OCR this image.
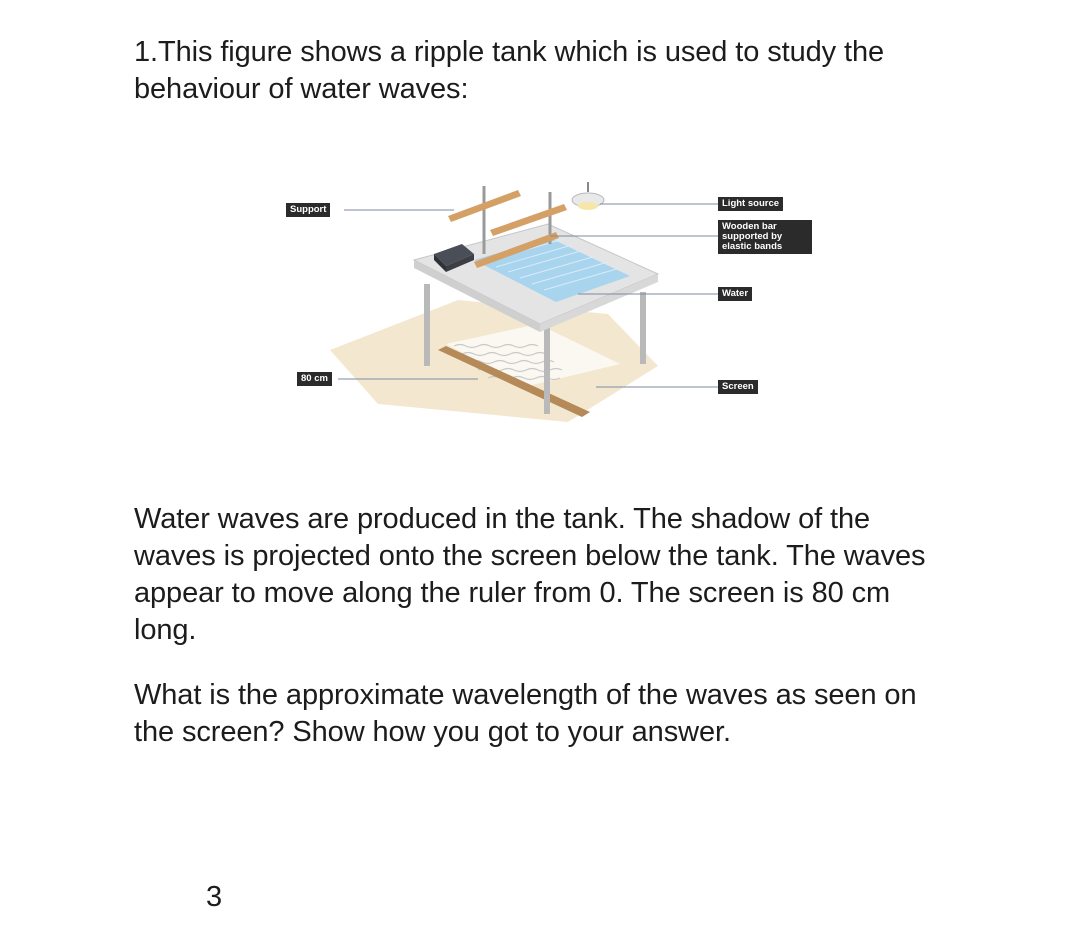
1.This figure shows a ripple tank which is used to study the behaviour of water waves:

Support
80 cm
Light source
Wooden bar
supported by
elastic bands
Water
Screen

Water waves are produced in the tank. The shadow of the waves is projected onto the screen below the tank. The waves appear to move along the ruler from 0. The screen is 80 cm long.

What is the approximate wavelength of the waves as seen on the screen? Show how you got to your answer.

3
